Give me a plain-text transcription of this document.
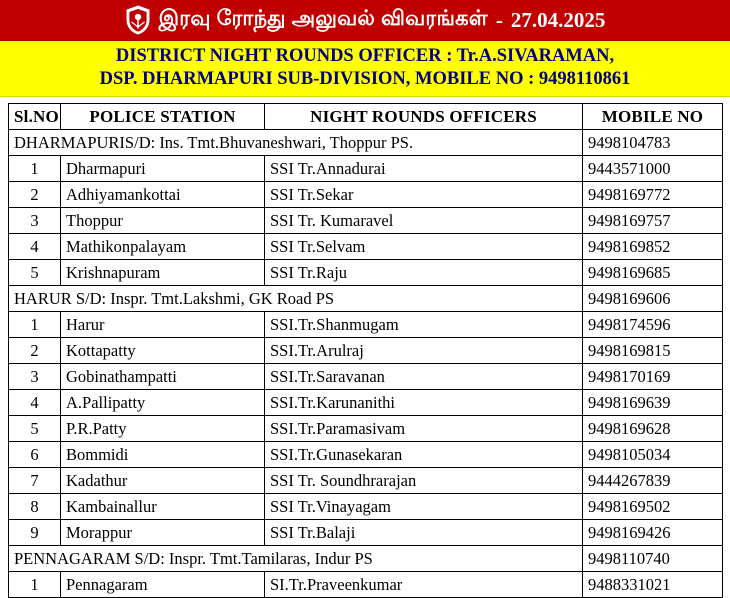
இரவு ரோந்து அலுவல் விவரங்கள் - 27.04.2025
DISTRICT NIGHT ROUNDS OFFICER : Tr.A.SIVARAMAN,
DSP. DHARMAPURI SUB-DIVISION, MOBILE NO : 9498110861
Sl.NO	POLICE STATION	NIGHT ROUNDS OFFICERS	MOBILE NO
DHARMAPURIS/D: Ins. Tmt.Bhuvaneshwari, Thoppur PS.			9498104783
1	Dharmapuri	SSI Tr.Annadurai	9443571000
2	Adhiyamankottai	SSI Tr.Sekar	9498169772
3	Thoppur	SSI Tr. Kumaravel	9498169757
4	Mathikonpalayam	SSI Tr.Selvam	9498169852
5	Krishnapuram	SSI Tr.Raju	9498169685
HARUR S/D: Inspr. Tmt.Lakshmi, GK Road PS			9498169606
1	Harur	SSI.Tr.Shanmugam	9498174596
2	Kottapatty	SSI.Tr.Arulraj	9498169815
3	Gobinathampatti	SSI.Tr.Saravanan	9498170169
4	A.Pallipatty	SSI.Tr.Karunanithi	9498169639
5	P.R.Patty	SSI.Tr.Paramasivam	9498169628
6	Bommidi	SSI.Tr.Gunasekaran	9498105034
7	Kadathur	SSI Tr. Soundhrarajan	9444267839
8	Kambainallur	SSI Tr.Vinayagam	9498169502
9	Morappur	SSI Tr.Balaji	9498169426
PENNAGARAM S/D: Inspr. Tmt.Tamilaras, Indur PS			9498110740
1	Pennagaram	SI.Tr.Praveenkumar	9488331021
